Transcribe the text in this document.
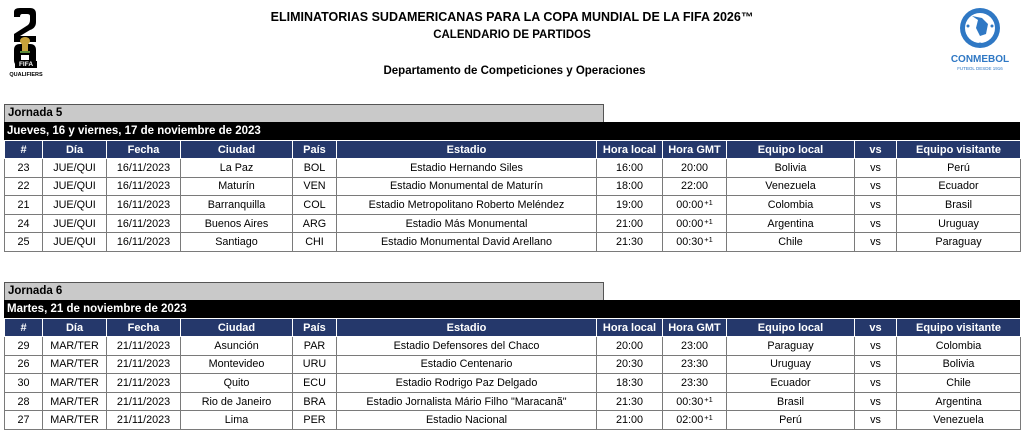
FIFA
QUALIFIERS
CONMEBOL
FUTBOL DESDE 1916
ELIMINATORIAS SUDAMERICANAS PARA LA COPA MUNDIAL DE LA FIFA 2026™
CALENDARIO DE PARTIDOS
Departamento de Competiciones y Operaciones
Jornada 5
Jueves, 16 y viernes, 17 de noviembre de 2023
#	Día	Fecha	Ciudad	País	Estadio	Hora local	Hora GMT	Equipo local	vs	Equipo visitante
23	JUE/QUI	16/11/2023	La Paz	BOL	Estadio Hernando Siles	16:00	20:00	Bolivia	vs	Perú
22	JUE/QUI	16/11/2023	Maturín	VEN	Estadio Monumental de Maturín	18:00	22:00	Venezuela	vs	Ecuador
21	JUE/QUI	16/11/2023	Barranquilla	COL	Estadio Metropolitano Roberto Meléndez	19:00	$00:00^{+1}$	Colombia	vs	Brasil
24	JUE/QUI	16/11/2023	Buenos Aires	ARG	Estadio Más Monumental	21:00	$00:00^{+1}$	Argentina	vs	Uruguay
25	JUE/QUI	16/11/2023	Santiago	CHI	Estadio Monumental David Arellano	21:30	$00:30^{+1}$	Chile	vs	Paraguay
Jornada 6
Martes, 21 de noviembre de 2023
#	Día	Fecha	Ciudad	País	Estadio	Hora local	Hora GMT	Equipo local	vs	Equipo visitante
29	MAR/TER	21/11/2023	Asunción	PAR	Estadio Defensores del Chaco	20:00	23:00	Paraguay	vs	Colombia
26	MAR/TER	21/11/2023	Montevideo	URU	Estadio Centenario	20:30	23:30	Uruguay	vs	Bolivia
30	MAR/TER	21/11/2023	Quito	ECU	Estadio Rodrigo Paz Delgado	18:30	23:30	Ecuador	vs	Chile
28	MAR/TER	21/11/2023	Rio de Janeiro	BRA	Estadio Jornalista Mário Filho "Maracanã"	21:30	$00:30^{+1}$	Brasil	vs	Argentina
27	MAR/TER	21/11/2023	Lima	PER	Estadio Nacional	21:00	$02:00^{+1}$	Perú	vs	Venezuela
